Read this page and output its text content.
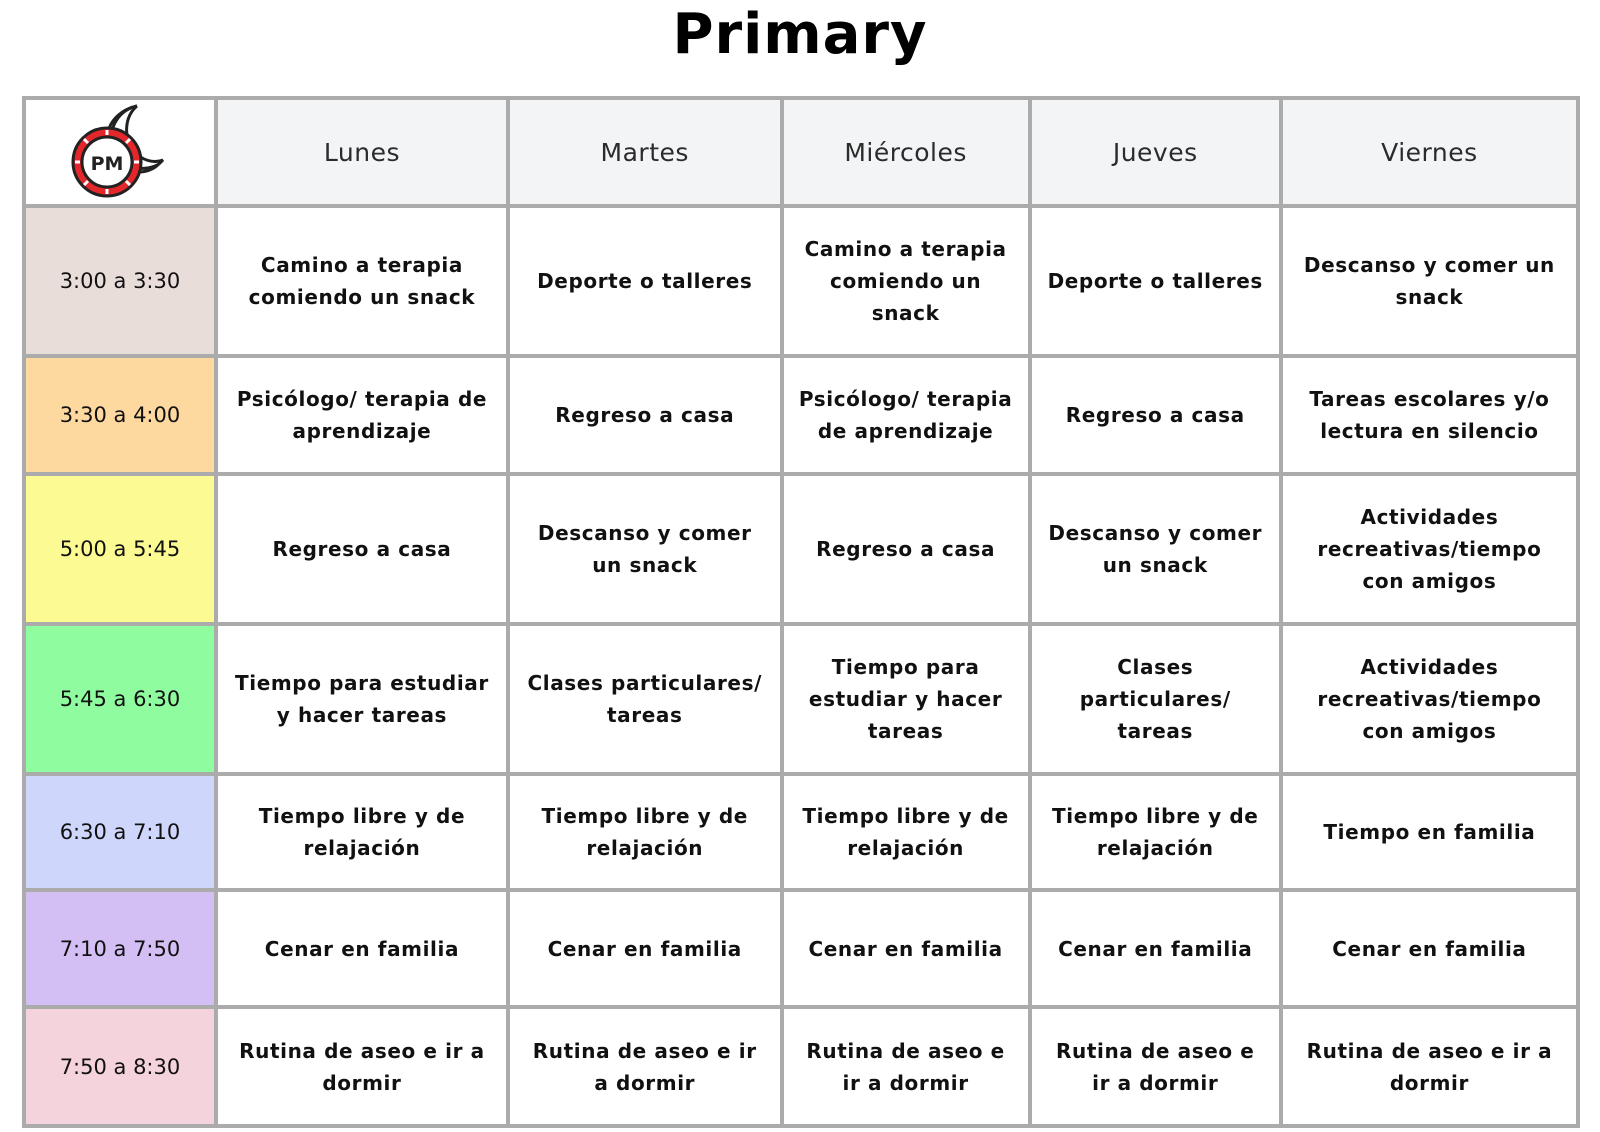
Primary
PM	Lunes	Martes	Miércoles	Jueves	Viernes
3:00 a 3:30	Camino a terapia comiendo un snack	Deporte o talleres	Camino a terapia comiendo un snack	Deporte o talleres	Descanso y comer un snack
3:30 a 4:00	Psicólogo/ terapia de aprendizaje	Regreso a casa	Psicólogo/ terapia de aprendizaje	Regreso a casa	Tareas escolares y/o lectura en silencio
5:00 a 5:45	Regreso a casa	Descanso y comer un snack	Regreso a casa	Descanso y comer un snack	Actividades recreativas/tiempo con amigos
5:45 a 6:30	Tiempo para estudiar y hacer tareas	Clases particulares/ tareas	Tiempo para estudiar y hacer tareas	Clases particulares/ tareas	Actividades recreativas/tiempo con amigos
6:30 a 7:10	Tiempo libre y de relajación	Tiempo libre y de relajación	Tiempo libre y de relajación	Tiempo libre y de relajación	Tiempo en familia
7:10 a 7:50	Cenar en familia	Cenar en familia	Cenar en familia	Cenar en familia	Cenar en familia
7:50 a 8:30	Rutina de aseo e ir a dormir	Rutina de aseo e ir a dormir	Rutina de aseo e ir a dormir	Rutina de aseo e ir a dormir	Rutina de aseo e ir a dormir
